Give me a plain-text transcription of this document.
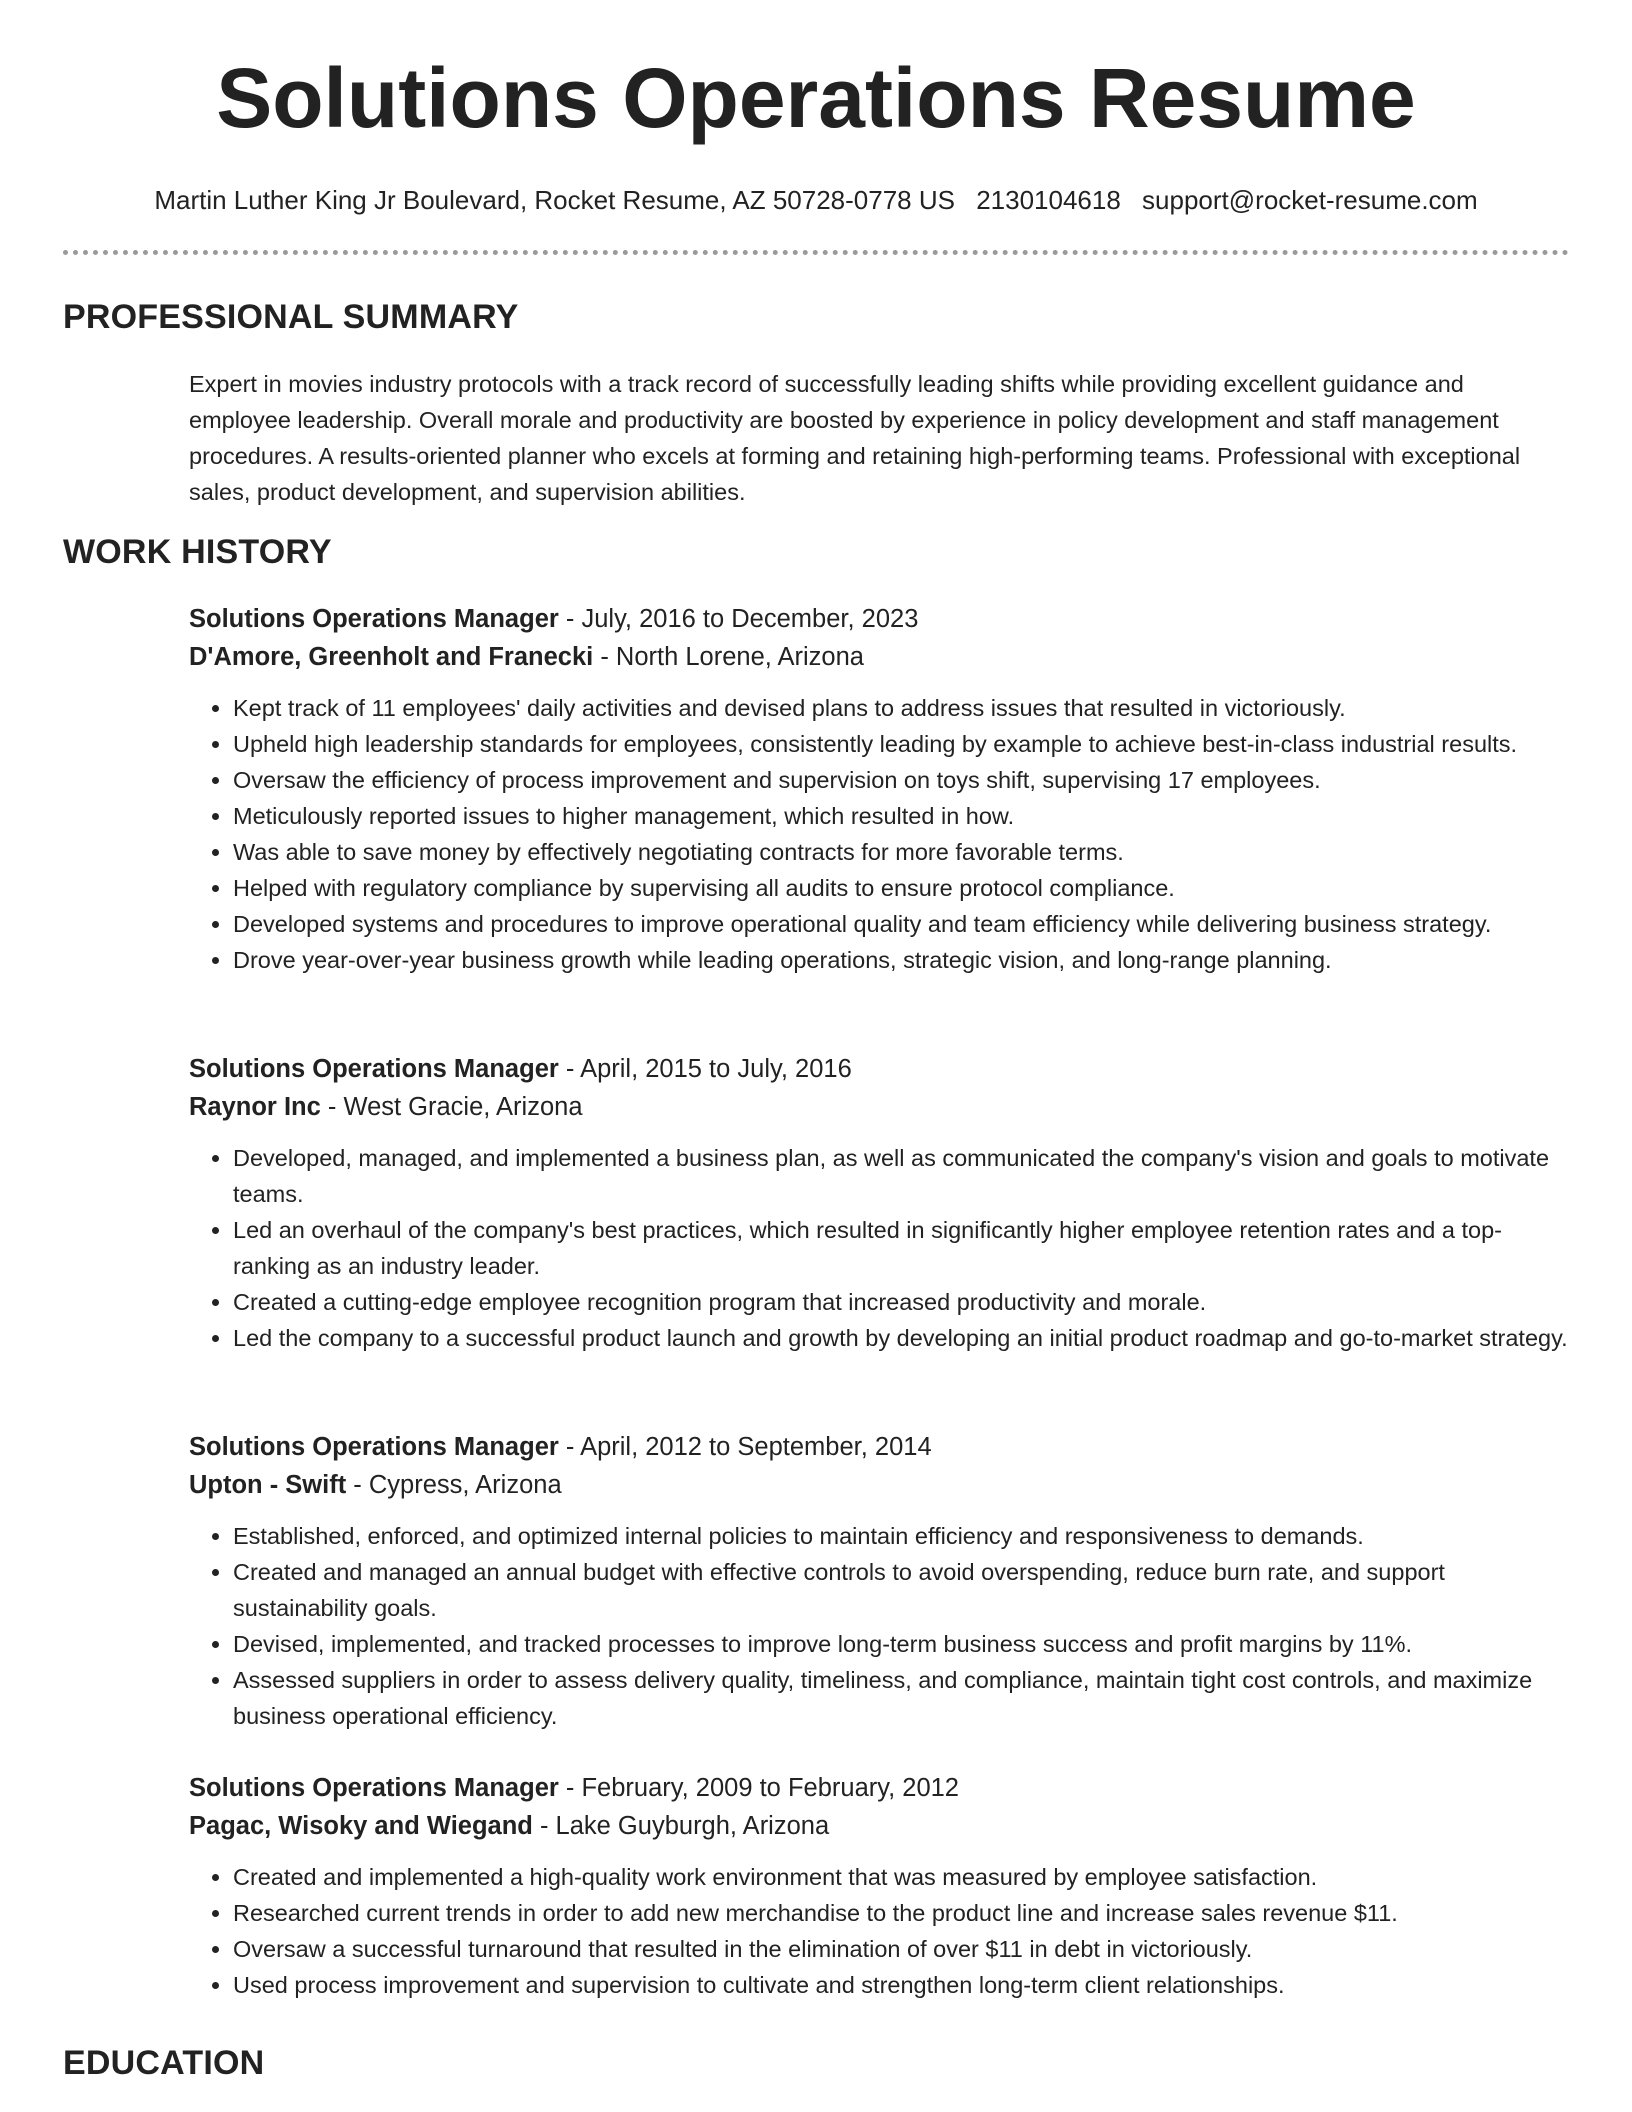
Solutions Operations Resume
Martin Luther King Jr Boulevard, Rocket Resume, AZ 50728-0778 US 2130104618 support@rocket-resume.com
PROFESSIONAL SUMMARY

Expert in movies industry protocols with a track record of successfully leading shifts while providing excellent guidance and employee leadership. Overall morale and productivity are boosted by experience in policy development and staff management procedures. A results-oriented planner who excels at forming and retaining high-performing teams. Professional with exceptional sales, product development, and supervision abilities.

WORK HISTORY
Solutions Operations Manager - July, 2016 to December, 2023
D'Amore, Greenholt and Franecki - North Lorene, Arizona
• Kept track of 11 employees' daily activities and devised plans to address issues that resulted in victoriously.
• Upheld high leadership standards for employees, consistently leading by example to achieve best-in-class industrial results.
• Oversaw the efficiency of process improvement and supervision on toys shift, supervising 17 employees.
• Meticulously reported issues to higher management, which resulted in how.
• Was able to save money by effectively negotiating contracts for more favorable terms.
• Helped with regulatory compliance by supervising all audits to ensure protocol compliance.
• Developed systems and procedures to improve operational quality and team efficiency while delivering business strategy.
• Drove year-over-year business growth while leading operations, strategic vision, and long-range planning.
Solutions Operations Manager - April, 2015 to July, 2016
Raynor Inc - West Gracie, Arizona
• Developed, managed, and implemented a business plan, as well as communicated the company's vision and goals to motivate teams.
• Led an overhaul of the company's best practices, which resulted in significantly higher employee retention rates and a top-ranking as an industry leader.
• Created a cutting-edge employee recognition program that increased productivity and morale.
• Led the company to a successful product launch and growth by developing an initial product roadmap and go-to-market strategy.
Solutions Operations Manager - April, 2012 to September, 2014
Upton - Swift - Cypress, Arizona
• Established, enforced, and optimized internal policies to maintain efficiency and responsiveness to demands.
• Created and managed an annual budget with effective controls to avoid overspending, reduce burn rate, and support sustainability goals.
• Devised, implemented, and tracked processes to improve long-term business success and profit margins by 11%.
• Assessed suppliers in order to assess delivery quality, timeliness, and compliance, maintain tight cost controls, and maximize business operational efficiency.
Solutions Operations Manager - February, 2009 to February, 2012
Pagac, Wisoky and Wiegand - Lake Guyburgh, Arizona
• Created and implemented a high-quality work environment that was measured by employee satisfaction.
• Researched current trends in order to add new merchandise to the product line and increase sales revenue $11.
• Oversaw a successful turnaround that resulted in the elimination of over $11 in debt in victoriously.
• Used process improvement and supervision to cultivate and strengthen long-term client relationships.
EDUCATION
